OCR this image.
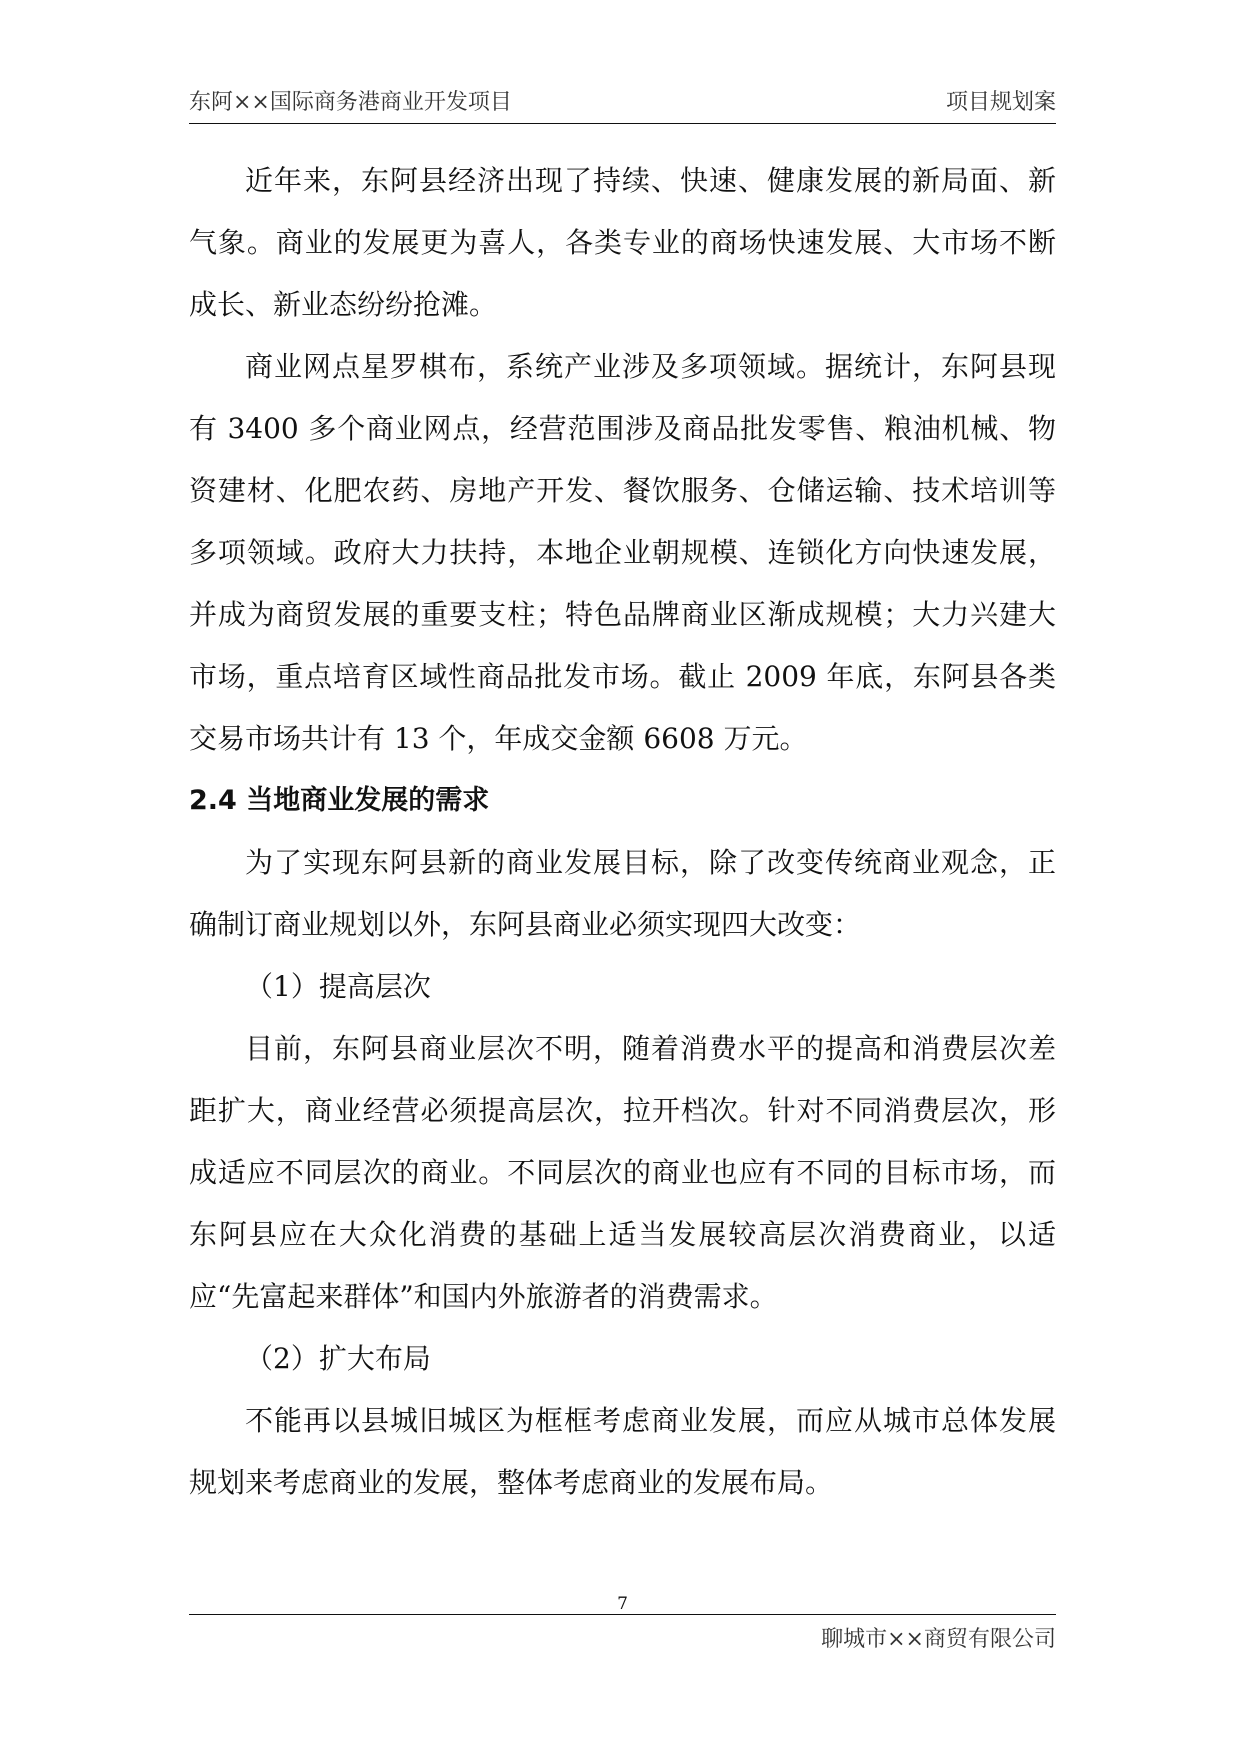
东阿××国际商务港商业开发项目	项目规划案

近年来，东阿县经济出现了持续、快速、健康发展的新局面、新气象。商业的发展更为喜人，各类专业的商场快速发展、大市场不断成长、新业态纷纷抢滩。

商业网点星罗棋布，系统产业涉及多项领域。据统计，东阿县现有 3400 多个商业网点，经营范围涉及商品批发零售、粮油机械、物资建材、化肥农药、房地产开发、餐饮服务、仓储运输、技术培训等多项领域。政府大力扶持，本地企业朝规模、连锁化方向快速发展，并成为商贸发展的重要支柱；特色品牌商业区渐成规模；大力兴建大市场，重点培育区域性商品批发市场。截止 2009 年底，东阿县各类交易市场共计有 13 个，年成交金额 6608 万元。

2.4 当地商业发展的需求

为了实现东阿县新的商业发展目标，除了改变传统商业观念，正确制订商业规划以外，东阿县商业必须实现四大改变：

（1）提高层次

目前，东阿县商业层次不明，随着消费水平的提高和消费层次差距扩大，商业经营必须提高层次，拉开档次。针对不同消费层次，形成适应不同层次的商业。不同层次的商业也应有不同的目标市场，而东阿县应在大众化消费的基础上适当发展较高层次消费商业，以适应“先富起来群体”和国内外旅游者的消费需求。

（2）扩大布局

不能再以县城旧城区为框框考虑商业发展，而应从城市总体发展规划来考虑商业的发展，整体考虑商业的发展布局。

7
聊城市××商贸有限公司
